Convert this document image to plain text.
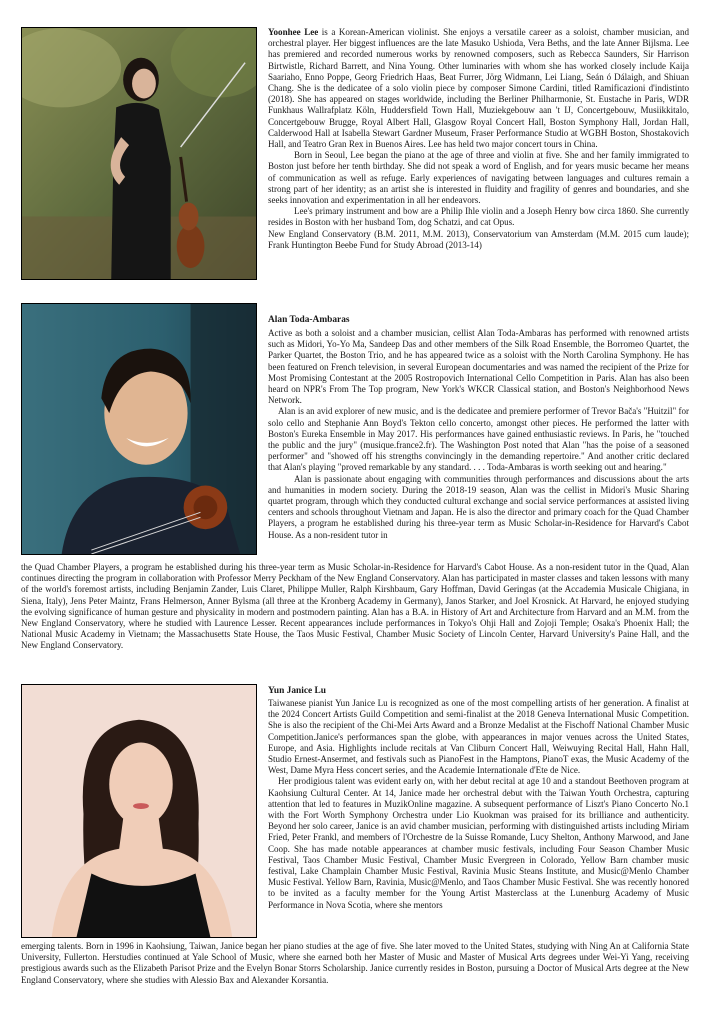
Yoonhee Lee is a Korean-American violinist. She enjoys a versatile career as a soloist, chamber musician, and orchestral player. Her biggest influences are the late Masuko Ushioda, Vera Beths, and the late Anner Bijlsma. Lee has premiered and recorded numerous works by renowned composers, such as Rebecca Saunders, Sir Harrison Birtwistle, Richard Barrett, and Nina Young. Other luminaries with whom she has worked closely include Kaija Saariaho, Enno Poppe, Georg Friedrich Haas, Beat Furrer, Jörg Widmann, Lei Liang, Seán ó Dálaigh, and Shiuan Chang. She is the dedicatee of a solo violin piece by composer Simone Cardini, titled Ramificazioni d'indistinto (2018). She has appeared on stages worldwide, including the Berliner Philharmonie, St. Eustache in Paris, WDR Funkhaus Wallrafplatz Köln, Huddersfield Town Hall, Muziekgebouw aan 't IJ, Concertgebouw, Musiikkitalo, Concertgebouw Brugge, Royal Albert Hall, Glasgow Royal Concert Hall, Boston Symphony Hall, Jordan Hall, Calderwood Hall at Isabella Stewart Gardner Museum, Fraser Performance Studio at WGBH Boston, Shostakovich Hall, and Teatro Gran Rex in Buenos Aires. Lee has held two major concert tours in China.

Born in Seoul, Lee began the piano at the age of three and violin at five. She and her family immigrated to Boston just before her tenth birthday. She did not speak a word of English, and for years music became her means of communication as well as refuge. Early experiences of navigating between languages and cultures remain a strong part of her identity; as an artist she is interested in fluidity and fragility of genres and boundaries, and she seeks innovation and experimentation in all her endeavors.

Lee's primary instrument and bow are a Philip Ihle violin and a Joseph Henry bow circa 1860. She currently resides in Boston with her husband Tom, dog Schatzi, and cat Opus.

New England Conservatory (B.M. 2011, M.M. 2013), Conservatorium van Amsterdam (M.M. 2015 cum laude); Frank Huntington Beebe Fund for Study Abroad (2013-14)

Alan Toda-Ambaras

Active as both a soloist and a chamber musician, cellist Alan Toda-Ambaras has performed with renowned artists such as Midori, Yo-Yo Ma, Sandeep Das and other members of the Silk Road Ensemble, the Borromeo Quartet, the Parker Quartet, the Boston Trio, and he has appeared twice as a soloist with the North Carolina Symphony. He has been featured on French television, in several European documentaries and was named the recipient of the Prize for Most Promising Contestant at the 2005 Rostropovich International Cello Competition in Paris. Alan has also been heard on NPR's From The Top program, New York's WKCR Classical station, and Boston's Neighborhood News Network.

Alan is an avid explorer of new music, and is the dedicatee and premiere performer of Trevor Bača's "Huitzil" for solo cello and Stephanie Ann Boyd's Tekton cello concerto, amongst other pieces. He performed the latter with Boston's Eureka Ensemble in May 2017. His performances have gained enthusiastic reviews. In Paris, he "touched the public and the jury" (musique.france2.fr). The Washington Post noted that Alan "has the poise of a seasoned performer" and "showed off his strengths convincingly in the demanding repertoire." And another critic declared that Alan's playing "proved remarkable by any standard. . . . Toda-Ambaras is worth seeking out and hearing."

Alan is passionate about engaging with communities through performances and discussions about the arts and humanities in modern society. During the 2018-19 season, Alan was the cellist in Midori's Music Sharing quartet program, through which they conducted cultural exchange and social service performances at assisted living centers and schools throughout Vietnam and Japan. He is also the director and primary coach for the Quad Chamber Players, a program he established during his three-year term as Music Scholar-in-Residence for Harvard's Cabot House. As a non-resident tutor in

the Quad Chamber Players, a program he established during his three-year term as Music Scholar-in-Residence for Harvard's Cabot House. As a non-resident tutor in the Quad, Alan continues directing the program in collaboration with Professor Merry Peckham of the New England Conservatory. Alan has participated in master classes and taken lessons with many of the world's foremost artists, including Benjamin Zander, Luis Claret, Philippe Muller, Ralph Kirshbaum, Gary Hoffman, David Geringas (at the Accademia Musicale Chigiana, in Siena, Italy), Jens Peter Maintz, Frans Helmerson, Anner Bylsma (all three at the Kronberg Academy in Germany), Janos Starker, and Joel Krosnick. At Harvard, he enjoyed studying the evolving significance of human gesture and physicality in modern and postmodern painting. Alan has a B.A. in History of Art and Architecture from Harvard and an M.M. from the New England Conservatory, where he studied with Laurence Lesser. Recent appearances include performances in Tokyo's Ohji Hall and Zojoji Temple; Osaka's Phoenix Hall; the National Music Academy in Vietnam; the Massachusetts State House, the Taos Music Festival, Chamber Music Society of Lincoln Center, Harvard University's Paine Hall, and the New England Conservatory.

Yun Janice Lu

Taiwanese pianist Yun Janice Lu is recognized as one of the most compelling artists of her generation. A finalist at the 2024 Concert Artists Guild Competition and semi-finalist at the 2018 Geneva International Music Competition. She is also the recipient of the Chi-Mei Arts Award and a Bronze Medalist at the Fischoff National Chamber Music Competition.Janice's performances span the globe, with appearances in major venues across the United States, Europe, and Asia. Highlights include recitals at Van Cliburn Concert Hall, Weiwuying Recital Hall, Hahn Hall, Studio Ernest-Ansermet, and festivals such as PianoFest in the Hamptons, PianoT exas, the Music Academy of the West, Dame Myra Hess concert series, and the Academie Internationale d'Ete de Nice.

Her prodigious talent was evident early on, with her debut recital at age 10 and a standout Beethoven program at Kaohsiung Cultural Center. At 14, Janice made her orchestral debut with the Taiwan Youth Orchestra, capturing attention that led to features in MuzikOnline magazine. A subsequent performance of Liszt's Piano Concerto No.1 with the Fort Worth Symphony Orchestra under Lio Kuokman was praised for its brilliance and authenticity. Beyond her solo career, Janice is an avid chamber musician, performing with distinguished artists including Miriam Fried, Peter Frankl, and members of l'Orchestre de la Suisse Romande, Lucy Shelton, Anthony Marwood, and Jane Coop. She has made notable appearances at chamber music festivals, including Four Season Chamber Music Festival, Taos Chamber Music Festival, Chamber Music Evergreen in Colorado, Yellow Barn chamber music festival, Lake Champlain Chamber Music Festival, Ravinia Music Steans Institute, and Music@Menlo Chamber Music Festival. Yellow Barn, Ravinia, Music@Menlo, and Taos Chamber Music Festival. She was recently honored to be invited as a faculty member for the Young Artist Masterclass at the Lunenburg Academy of Music Performance in Nova Scotia, where she mentors

emerging talents. Born in 1996 in Kaohsiung, Taiwan, Janice began her piano studies at the age of five. She later moved to the United States, studying with Ning An at California State University, Fullerton. Herstudies continued at Yale School of Music, where she earned both her Master of Music and Master of Musical Arts degrees under Wei-Yi Yang, receiving prestigious awards such as the Elizabeth Parisot Prize and the Evelyn Bonar Storrs Scholarship. Janice currently resides in Boston, pursuing a Doctor of Musical Arts degree at the New England Conservatory, where she studies with Alessio Bax and Alexander Korsantia.
